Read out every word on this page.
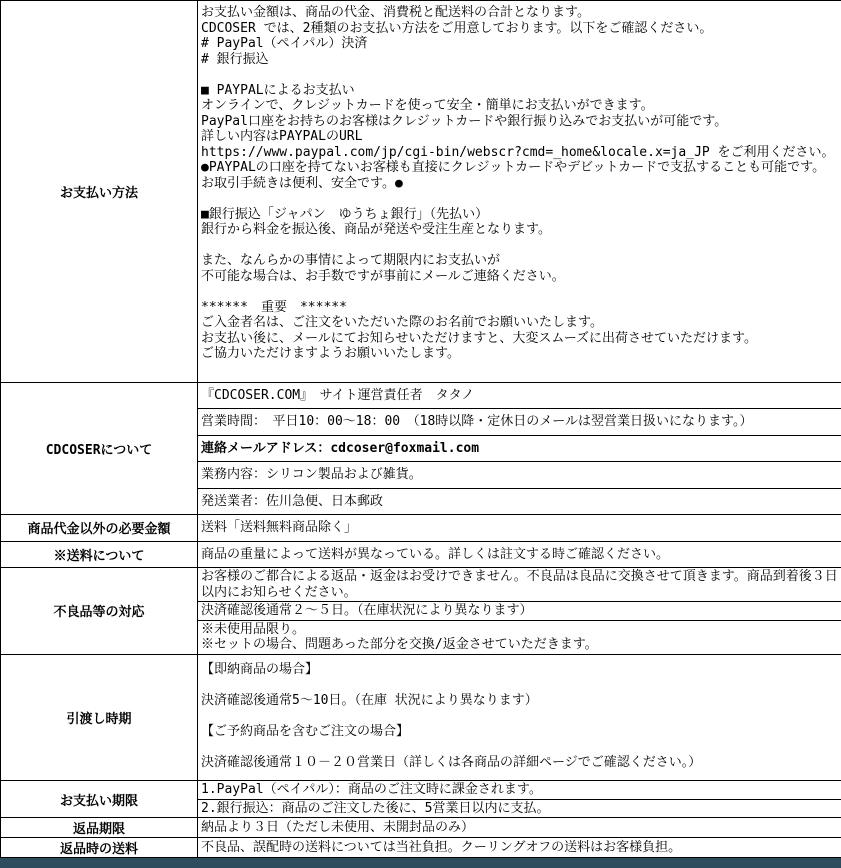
お支払い方法	
お支払い金額は、商品の代金、消費税と配送料の合計となります。
CDCOSER では、2種類のお支払い方法をご用意しております。以下をご確認ください。
# PayPal（ペイパル）決済
# 銀行振込
■ PAYPALによるお支払い
オンラインで、クレジットカードを使って安全・簡単にお支払いができます。
PayPal口座をお持ちのお客様はクレジットカードや銀行振り込みでお支払いが可能です。
詳しい内容はPAYPALのURL
https://www.paypal.com/jp/cgi-bin/webscr?cmd=_home&locale.x=ja_JP をご利用ください。
●PAYPALの口座を持てないお客様も直接にクレジットカードやデビットカードで支払することも可能です。
お取引手続きは便利、安全です。●
■銀行振込「ジャパン　ゆうちょ銀行」（先払い）
銀行から料金を振込後、商品が発送や受注生産となります。
また、なんらかの事情によって期限内にお支払いが
不可能な場合は、お手数ですが事前にメールご連絡ください。
******　重要　******
ご入金者名は、ご注文をいただいた際のお名前でお願いいたします。
お支払い後に、メールにてお知らせいただけますと、大変スムーズに出荷させていただけます。
ご協力いただけますようお願いいたします。

CDCOSERについて	『CDCOSER.COM』　サイト運営責任者　タタノ
営業時間：　平日10：00～18：00　（18時以降・定休日のメールは翌営業日扱いになります。）
連絡メールアドレス：cdcoser@foxmail.com
業務内容：シリコン製品および雑貨。
発送業者：佐川急便、日本郵政

商品代金以外の必要金額	送料「送料無料商品除く」

※送料について	商品の重量によって送料が異なっている。詳しくは註文する時ご確認ください。

不良品等の対応	お客様のご都合による返品・返金はお受けできません。不良品は良品に交換させて頂きます。商品到着後３日以内にお知らせください。
決済確認後通常２～５日。（在庫状況により異なります）
※未使用品限り。
※セットの場合、問題あった部分を交換/返金させていただきます。

引渡し時期	【即納商品の場合】
決済確認後通常5～10日。（在庫 状況により異なります）
【ご予約商品を含むご注文の場合】
決済確認後通常１０－２０営業日（詳しくは各商品の詳細ページでご確認ください。）

お支払い期限	1.PayPal（ペイパル）：商品のご注文時に課金されます。
2.銀行振込：商品のご注文した後に、5営業日以内に支払。

返品期限	納品より３日（ただし未使用、未開封品のみ）

返品時の送料	不良品、誤配時の送料については当社負担。クーリングオフの送料はお客様負担。
